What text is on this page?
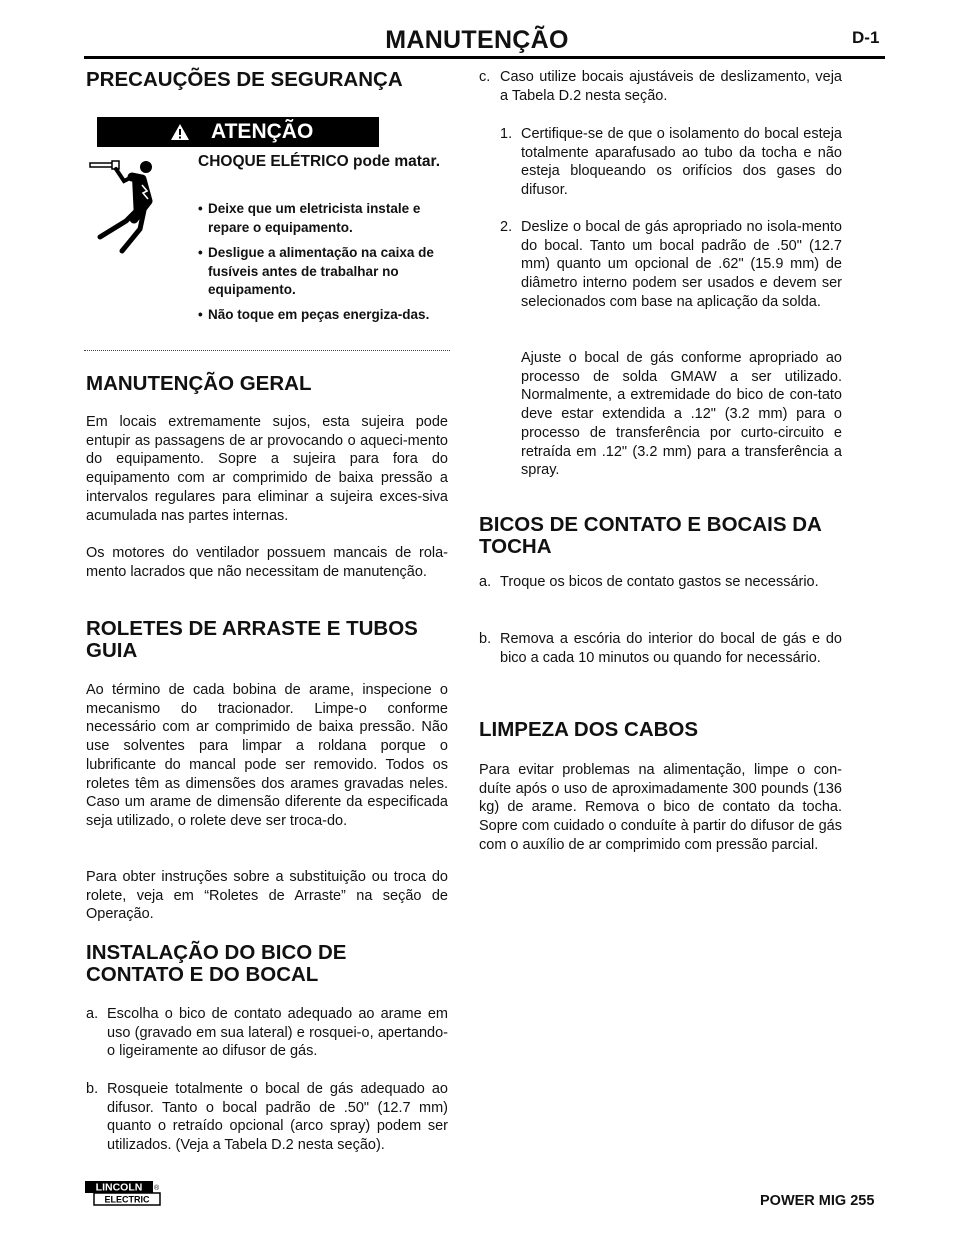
MANUTENÇÃO	D-1
PRECAUÇÕES DE SEGURANÇA
ATENÇÃO
CHOQUE ELÉTRICO pode matar.
• Deixe que um eletricista instale e repare o equipamento.
• Desligue a alimentação na caixa de fusíveis antes de trabalhar no equipamento.
• Não toque em peças energiza-das.
MANUTENÇÃO GERAL

Em locais extremamente sujos, esta sujeira pode entupir as passagens de ar provocando o aqueci-mento do equipamento. Sopre a sujeira para fora do equipamento com ar comprimido de baixa pressão a intervalos regulares para eliminar a sujeira exces-siva acumulada nas partes internas.

Os motores do ventilador possuem mancais de rola-mento lacrados que não necessitam de manutenção.

ROLETES DE ARRASTE E TUBOS GUIA

Ao término de cada bobina de arame, inspecione o mecanismo do tracionador. Limpe-o conforme necessário com ar comprimido de baixa pressão. Não use solventes para limpar a roldana porque o lubrificante do mancal pode ser removido. Todos os roletes têm as dimensões dos arames gravadas neles. Caso um arame de dimensão diferente da especificada seja utilizado, o rolete deve ser troca-do.

Para obter instruções sobre a substituição ou troca do rolete, veja em “Roletes de Arraste” na seção de Operação.

INSTALAÇÃO DO BICO DE CONTATO E DO BOCAL
a. Escolha o bico de contato adequado ao arame em uso (gravado em sua lateral) e rosquei-o, apertando-o ligeiramente ao difusor de gás.
b. Rosqueie totalmente o bocal de gás adequado ao difusor. Tanto o bocal padrão de .50" (12.7 mm) quanto o retraído opcional (arco spray) podem ser utilizados. (Veja a Tabela D.2 nesta seção).
c. Caso utilize bocais ajustáveis de deslizamento, veja a Tabela D.2 nesta seção.
1. Certifique-se de que o isolamento do bocal esteja totalmente aparafusado ao tubo da tocha e não esteja bloqueando os orifícios dos gases do difusor.
2. Deslize o bocal de gás apropriado no isola-mento do bocal. Tanto um bocal padrão de .50" (12.7 mm) quanto um opcional de .62" (15.9 mm) de diâmetro interno podem ser usados e devem ser selecionados com base na aplicação da solda.

Ajuste o bocal de gás conforme apropriado ao processo de solda GMAW a ser utilizado. Normalmente, a extremidade do bico de con-tato deve estar extendida a .12" (3.2 mm) para o processo de transferência por curto-circuito e retraída em .12" (3.2 mm) para a transferência a spray.

BICOS DE CONTATO E BOCAIS DA TOCHA
a. Troque os bicos de contato gastos se necessário.
b. Remova a escória do interior do bocal de gás e do bico a cada 10 minutos ou quando for necessário.
LIMPEZA DOS CABOS

Para evitar problemas na alimentação, limpe o con-duíte após o uso de aproximadamente 300 pounds (136 kg) de arame. Remova o bico de contato da tocha. Sopre com cuidado o conduíte à partir do difusor de gás com o auxílio de ar comprimido com pressão parcial.

LINCOLN
ELECTRIC
®
POWER MIG 255
